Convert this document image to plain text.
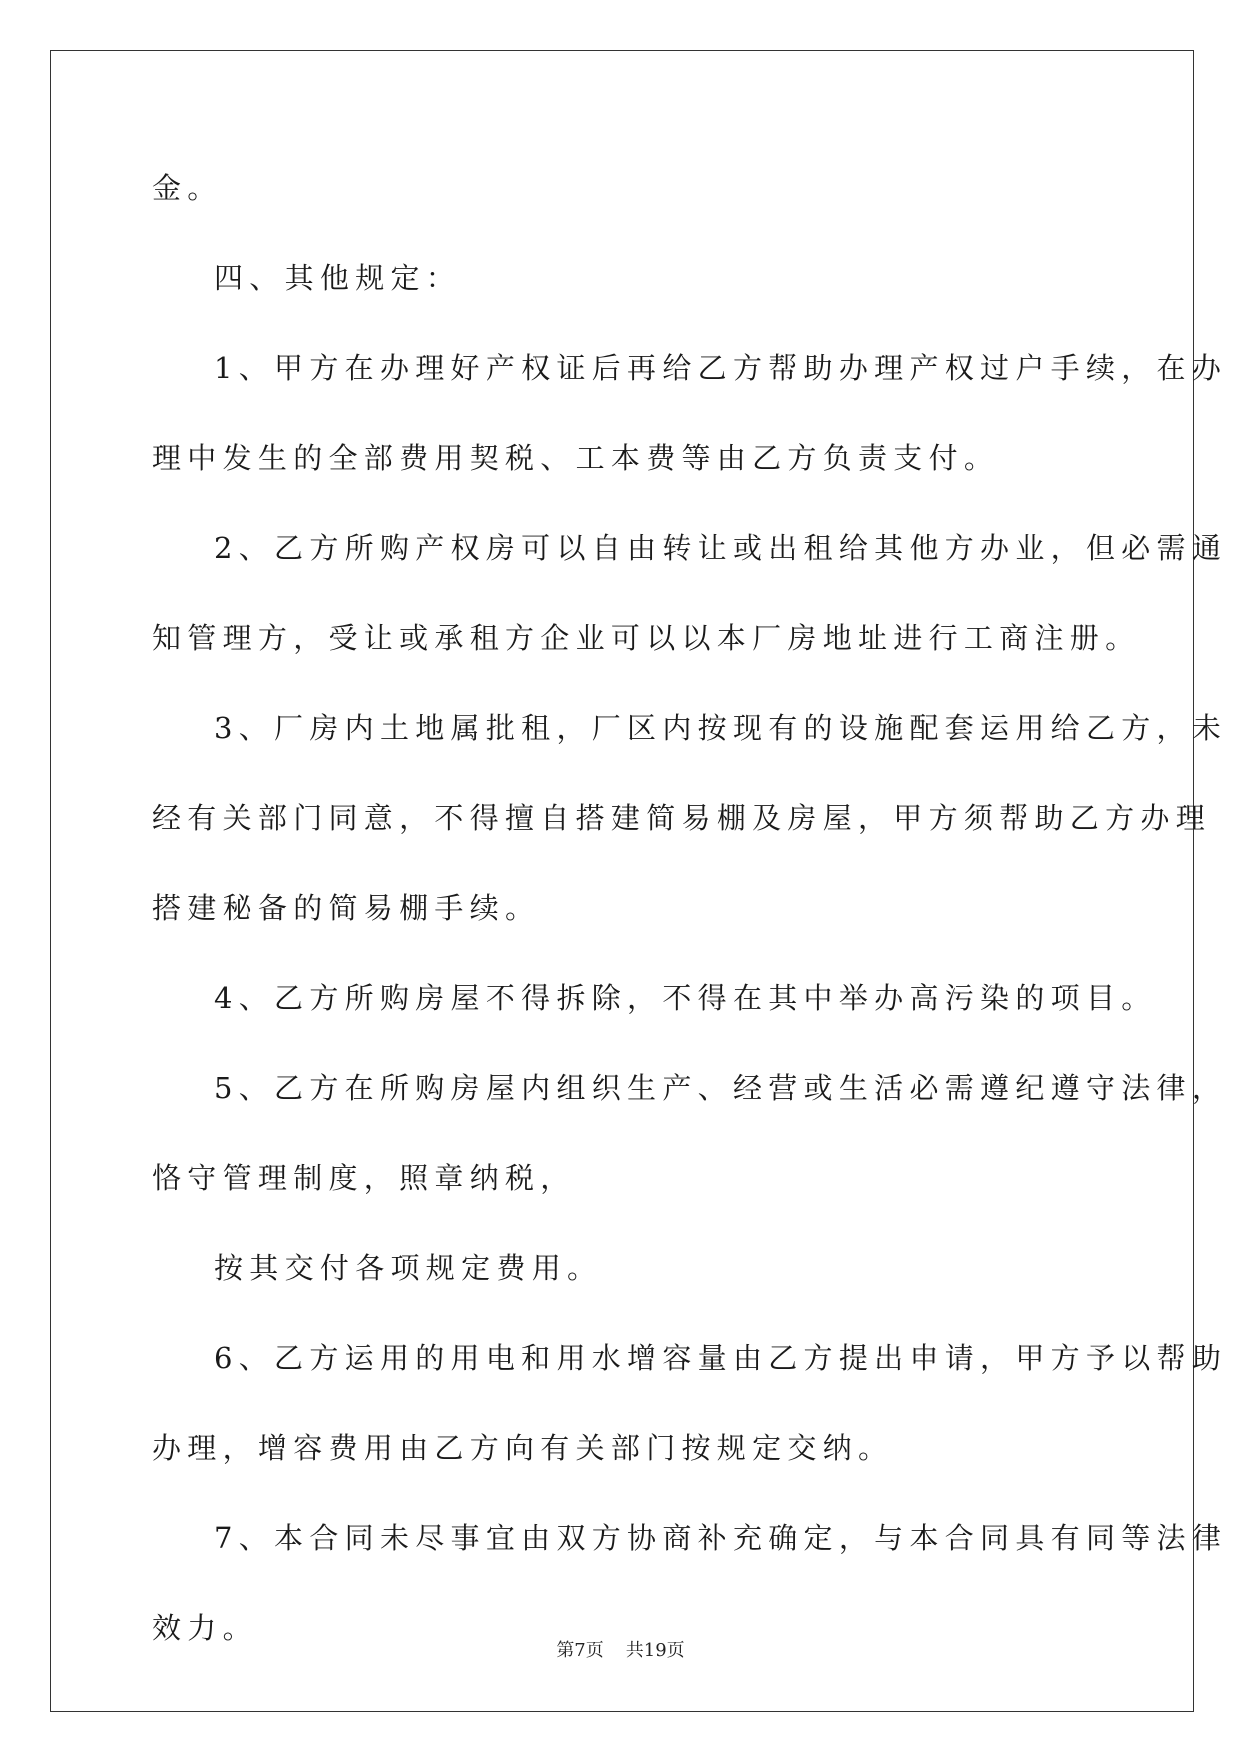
金。
四、其他规定：
1、甲方在办理好产权证后再给乙方帮助办理产权过户手续，在办
理中发生的全部费用契税、工本费等由乙方负责支付。
2、乙方所购产权房可以自由转让或出租给其他方办业，但必需通
知管理方，受让或承租方企业可以以本厂房地址进行工商注册。
3、厂房内土地属批租，厂区内按现有的设施配套运用给乙方，未
经有关部门同意，不得擅自搭建简易棚及房屋，甲方须帮助乙方办理
搭建秘备的简易棚手续。
4、乙方所购房屋不得拆除，不得在其中举办高污染的项目。
5、乙方在所购房屋内组织生产、经营或生活必需遵纪遵守法律，
恪守管理制度，照章纳税，
按其交付各项规定费用。
6、乙方运用的用电和用水增容量由乙方提出申请，甲方予以帮助
办理，增容费用由乙方向有关部门按规定交纳。
7、本合同未尽事宜由双方协商补充确定，与本合同具有同等法律
效力。
第7页 共19页
